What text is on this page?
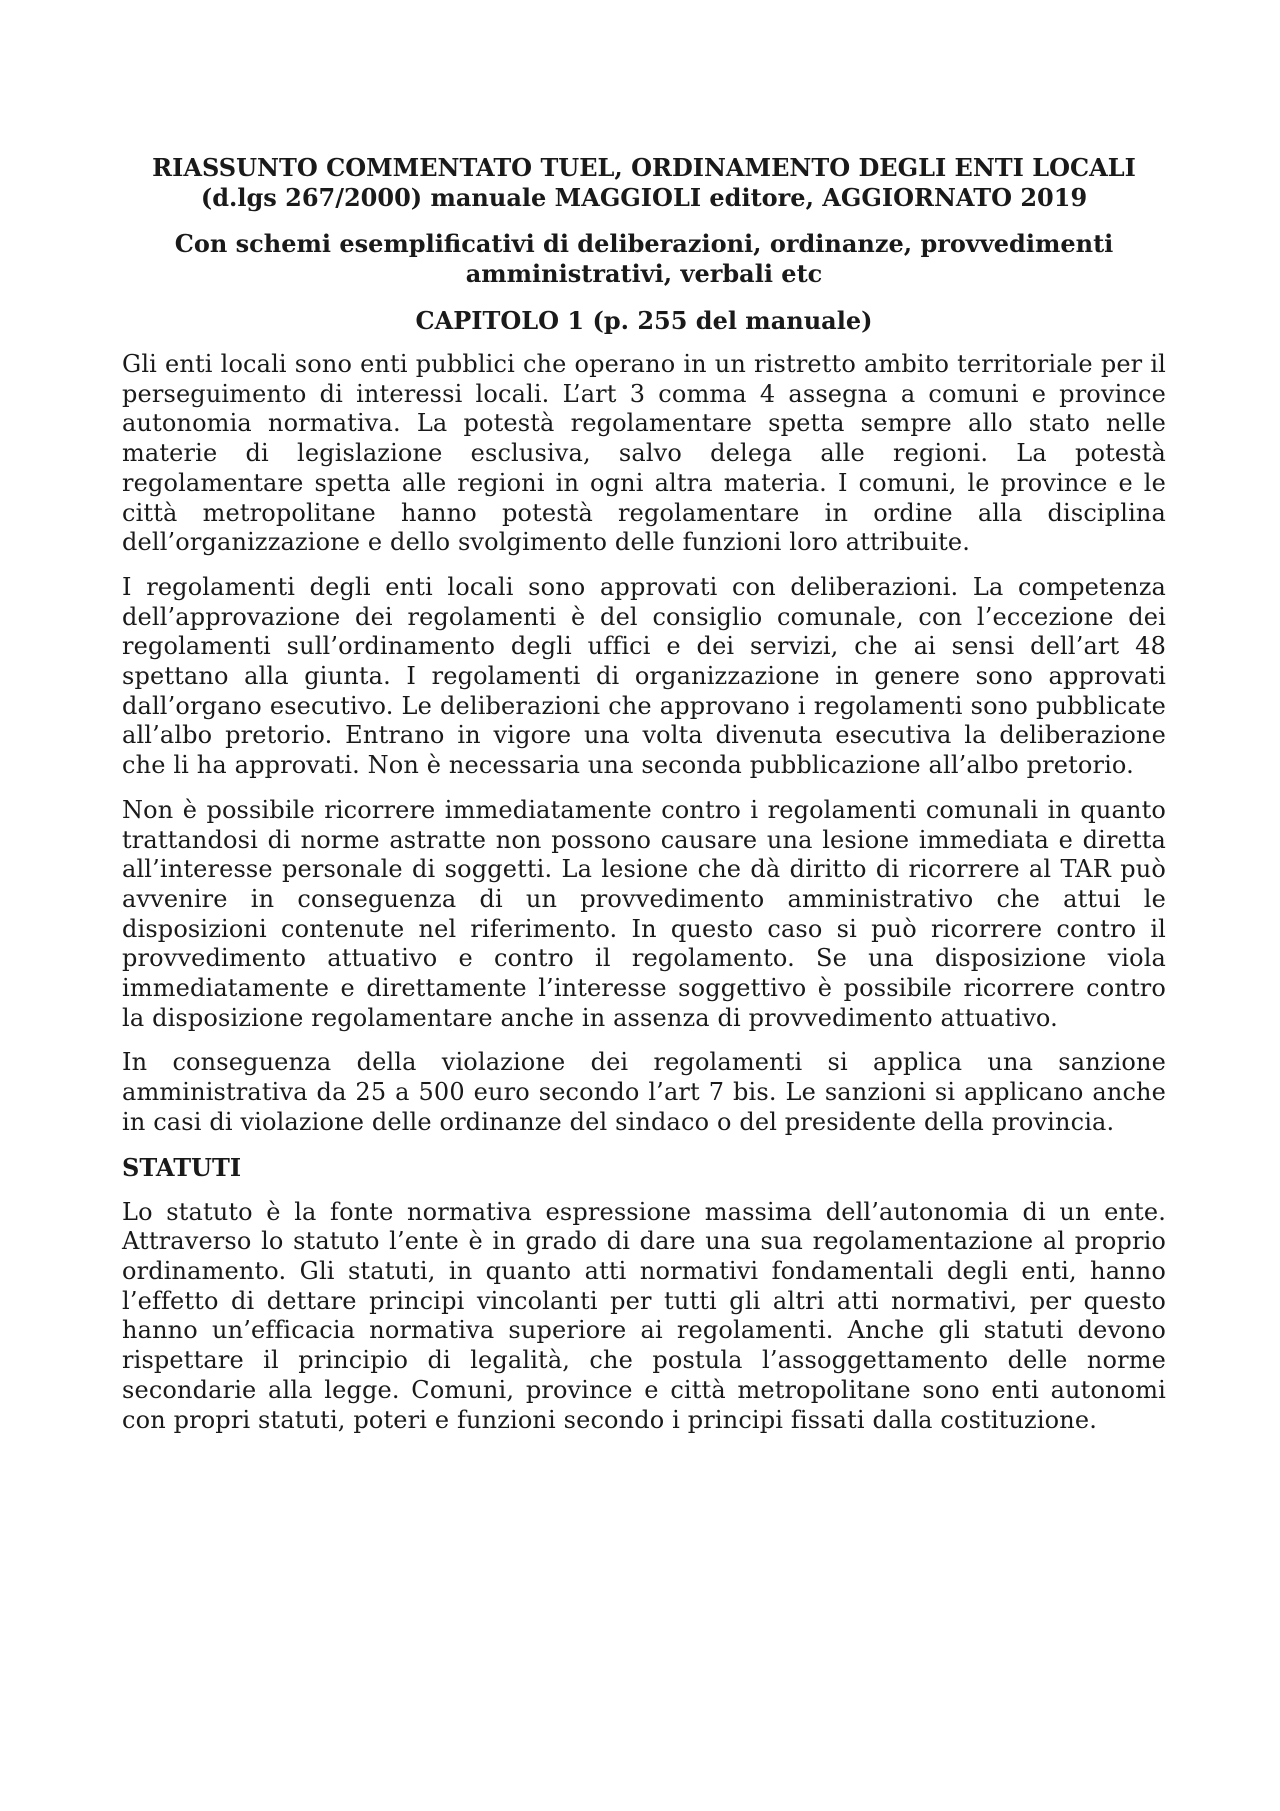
RIASSUNTO COMMENTATO TUEL, ORDINAMENTO DEGLI ENTI LOCALI (d.lgs 267/2000) manuale MAGGIOLI editore, AGGIORNATO 2019
Con schemi esemplificativi di deliberazioni, ordinanze, provvedimenti amministrativi, verbali etc
CAPITOLO 1 (p. 255 del manuale)

Gli enti locali sono enti pubblici che operano in un ristretto ambito territoriale per il perseguimento di interessi locali. L’art 3 comma 4 assegna a comuni e province autonomia normativa. La potestà regolamentare spetta sempre allo stato nelle materie di legislazione esclusiva, salvo delega alle regioni. La potestà regolamentare spetta alle regioni in ogni altra materia. I comuni, le province e le città metropolitane hanno potestà regolamentare in ordine alla disciplina dell’organizzazione e dello svolgimento delle funzioni loro attribuite.

I regolamenti degli enti locali sono approvati con deliberazioni. La competenza dell’approvazione dei regolamenti è del consiglio comunale, con l’eccezione dei regolamenti sull’ordinamento degli uffici e dei servizi, che ai sensi dell’art 48 spettano alla giunta. I regolamenti di organizzazione in genere sono approvati dall’organo esecutivo. Le deliberazioni che approvano i regolamenti sono pubblicate all’albo pretorio. Entrano in vigore una volta divenuta esecutiva la deliberazione che li ha approvati. Non è necessaria una seconda pubblicazione all’albo pretorio.

Non è possibile ricorrere immediatamente contro i regolamenti comunali in quanto trattandosi di norme astratte non possono causare una lesione immediata e diretta all’interesse personale di soggetti. La lesione che dà diritto di ricorrere al TAR può avvenire in conseguenza di un provvedimento amministrativo che attui le disposizioni contenute nel riferimento. In questo caso si può ricorrere contro il provvedimento attuativo e contro il regolamento. Se una disposizione viola immediatamente e direttamente l’interesse soggettivo è possibile ricorrere contro la disposizione regolamentare anche in assenza di provvedimento attuativo.

In conseguenza della violazione dei regolamenti si applica una sanzione amministrativa da 25 a 500 euro secondo l’art 7 bis. Le sanzioni si applicano anche in casi di violazione delle ordinanze del sindaco o del presidente della provincia.

STATUTI

Lo statuto è la fonte normativa espressione massima dell’autonomia di un ente. Attraverso lo statuto l’ente è in grado di dare una sua regolamentazione al proprio ordinamento. Gli statuti, in quanto atti normativi fondamentali degli enti, hanno l’effetto di dettare principi vincolanti per tutti gli altri atti normativi, per questo hanno un’efficacia normativa superiore ai regolamenti. Anche gli statuti devono rispettare il principio di legalità, che postula l’assoggettamento delle norme secondarie alla legge. Comuni, province e città metropolitane sono enti autonomi con propri statuti, poteri e funzioni secondo i principi fissati dalla costituzione.
